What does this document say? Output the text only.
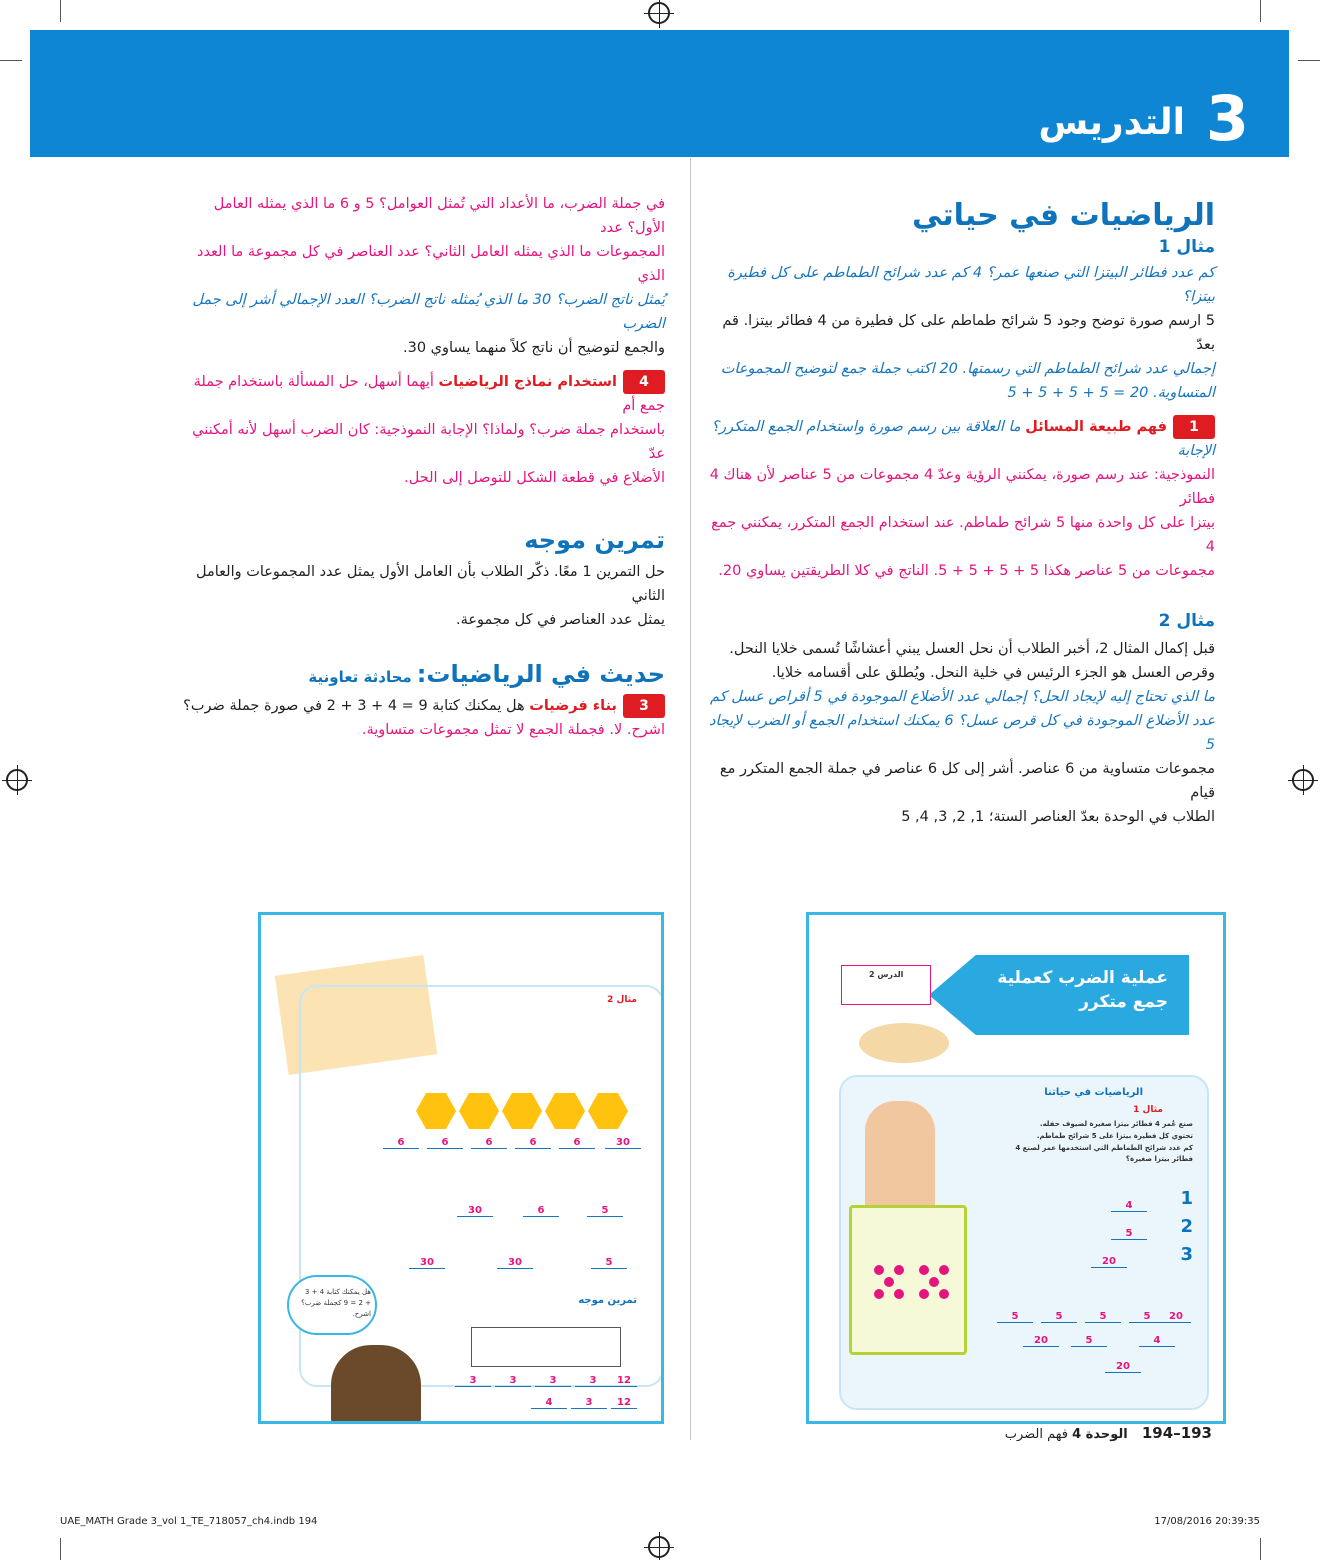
التدريس 3
الرياضيات في حياتي
مثال 1
كم عدد فطائر البيتزا التي صنعها عمر؟ 4 كم عدد شرائح الطماطم على كل فطيرة بيتزا؟
5 ارسم صورة توضح وجود 5 شرائح طماطم على كل فطيرة من 4 فطائر بيتزا. قم بعدّ
إجمالي عدد شرائح الطماطم التي رسمتها. 20 اكتب جملة جمع لتوضيح المجموعات
المتساوية. 20 = 5 + 5 + 5 + 5
1فهم طبيعة المسائل ما العلاقة بين رسم صورة واستخدام الجمع المتكرر؟ الإجابة
النموذجية: عند رسم صورة، يمكنني الرؤية وعدّ 4 مجموعات من 5 عناصر لأن هناك 4 فطائر
بيتزا على كل واحدة منها 5 شرائح طماطم. عند استخدام الجمع المتكرر، يمكنني جمع 4
مجموعات من 5 عناصر هكذا 5 + 5 + 5 + 5. الناتج في كلا الطريقتين يساوي 20.
مثال 2
قبل إكمال المثال 2، أخبر الطلاب أن نحل العسل يبني أعشاشًا تُسمى خلايا النحل.
وقرص العسل هو الجزء الرئيس في خلية النحل. ويُطلق على أقسامه خلايا.
ما الذي تحتاج إليه لإيجاد الحل؟ إجمالي عدد الأضلاع الموجودة في 5 أقراص عسل كم
عدد الأضلاع الموجودة في كل قرص عسل؟ 6 يمكنك استخدام الجمع أو الضرب لإيجاد 5
مجموعات متساوية من 6 عناصر. أشر إلى كل 6 عناصر في جملة الجمع المتكرر مع قيام
الطلاب في الوحدة بعدّ العناصر الستة؛ 1, 2, 3, 4, 5
في جملة الضرب، ما الأعداد التي تُمثل العوامل؟ 5 و 6 ما الذي يمثله العامل الأول؟ عدد
المجموعات ما الذي يمثله العامل الثاني؟ عدد العناصر في كل مجموعة ما العدد الذي
يُمثل ناتج الضرب؟ 30 ما الذي يُمثله ناتج الضرب؟ العدد الإجمالي أشر إلى جمل الضرب
والجمع لتوضيح أن ناتج كلاً منهما يساوي 30.
4استخدام نماذج الرياضيات أيهما أسهل، حل المسألة باستخدام جملة جمع أم
باستخدام جملة ضرب؟ ولماذا؟ الإجابة النموذجية: كان الضرب أسهل لأنه أمكنني عدّ
الأضلاع في قطعة الشكل للتوصل إلى الحل.
تمرين موجه
حل التمرين 1 معًا. ذكّر الطلاب بأن العامل الأول يمثل عدد المجموعات والعامل الثاني
يمثل عدد العناصر في كل مجموعة.
حديث في الرياضيات: محادثة تعاونية
3بناء فرضيات هل يمكنك كتابة 9 = 4 + 3 + 2 في صورة جملة ضرب؟
اشرح. لا. فجملة الجمع لا تمثل مجموعات متساوية.
عملية الضرب كعملية
جمع متكرر
الدرس 2
الرياضيات في حياتنا
مثال 1
صنع عُمر 4 فطائر بيتزا صغيرة لضيوف حفله.
تحتوي كل فطيرة بيتزا على 5 شرائح طماطم.
كم عدد شرائح الطماطم التي استخدمها عمر لصنع 4 فطائر بيتزا صغيرة؟
1
2
3
4
5
20
5	5	5	5	20
20	5	4
20
مثال 2
6	6	6	6	6	30
5
6
30
5
30
30
تمرين موجه
هل يمكنك كتابة 4 + 3 + 2 = 9 كجملة ضرب؟ اشرح.
3	3	3	3	12
4	3	12
193–194 الوحدة 4 فهم الضرب
UAE_MATH Grade 3_vol 1_TE_718057_ch4.indb 194	17/08/2016 20:39:35
